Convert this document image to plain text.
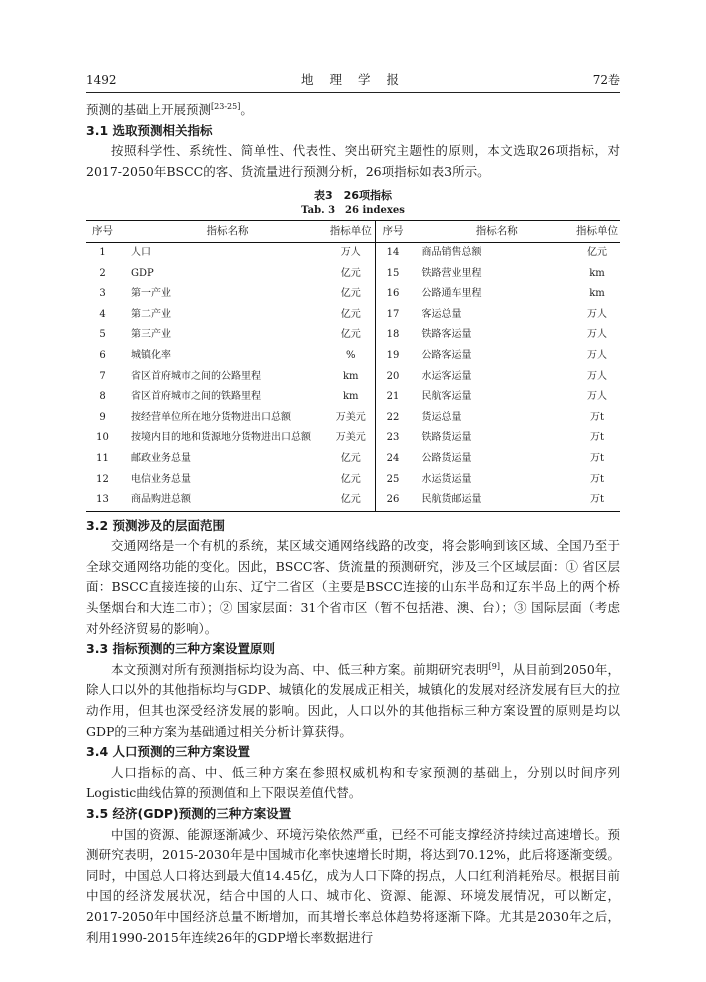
1492	地 理 学 报	72卷

预测的基础上开展预测[23-25]。

3.1 选取预测相关指标

按照科学性、系统性、简单性、代表性、突出研究主题性的原则，本文选取26项指标，对2017-2050年BSCC的客、货流量进行预测分析，26项指标如表3所示。

表3　26项指标
Tab. 3　26 indexes
序号	指标名称	指标单位	序号	指标名称	指标单位
1	人口	万人	14	商品销售总额	亿元
2	GDP	亿元	15	铁路营业里程	km
3	第一产业	亿元	16	公路通车里程	km
4	第二产业	亿元	17	客运总量	万人
5	第三产业	亿元	18	铁路客运量	万人
6	城镇化率	%	19	公路客运量	万人
7	省区首府城市之间的公路里程	km	20	水运客运量	万人
8	省区首府城市之间的铁路里程	km	21	民航客运量	万人
9	按经营单位所在地分货物进出口总额	万美元	22	货运总量	万t
10	按境内目的地和货源地分货物进出口总额	万美元	23	铁路货运量	万t
11	邮政业务总量	亿元	24	公路货运量	万t
12	电信业务总量	亿元	25	水运货运量	万t
13	商品购进总额	亿元	26	民航货邮运量	万t
3.2 预测涉及的层面范围

交通网络是一个有机的系统，某区域交通网络线路的改变，将会影响到该区域、全国乃至于全球交通网络功能的变化。因此，BSCC客、货流量的预测研究，涉及三个区域层面：① 省区层面：BSCC直接连接的山东、辽宁二省区（主要是BSCC连接的山东半岛和辽东半岛上的两个桥头堡烟台和大连二市）；② 国家层面：31个省市区（暂不包括港、澳、台）；③ 国际层面（考虑对外经济贸易的影响）。

3.3 指标预测的三种方案设置原则

本文预测对所有预测指标均设为高、中、低三种方案。前期研究表明[9]，从目前到2050年，除人口以外的其他指标均与GDP、城镇化的发展成正相关，城镇化的发展对经济发展有巨大的拉动作用，但其也深受经济发展的影响。因此，人口以外的其他指标三种方案设置的原则是均以GDP的三种方案为基础通过相关分析计算获得。

3.4 人口预测的三种方案设置

人口指标的高、中、低三种方案在参照权威机构和专家预测的基础上，分别以时间序列Logistic曲线估算的预测值和上下限误差值代替。

3.5 经济(GDP)预测的三种方案设置

中国的资源、能源逐渐减少、环境污染依然严重，已经不可能支撑经济持续过高速增长。预测研究表明，2015-2030年是中国城市化率快速增长时期，将达到70.12%，此后将逐渐变缓。同时，中国总人口将达到最大值14.45亿，成为人口下降的拐点，人口红利消耗殆尽。根据目前中国的经济发展状况，结合中国的人口、城市化、资源、能源、环境发展情况，可以断定，2017-2050年中国经济总量不断增加，而其增长率总体趋势将逐渐下降。尤其是2030年之后，利用1990-2015年连续26年的GDP增长率数据进行
